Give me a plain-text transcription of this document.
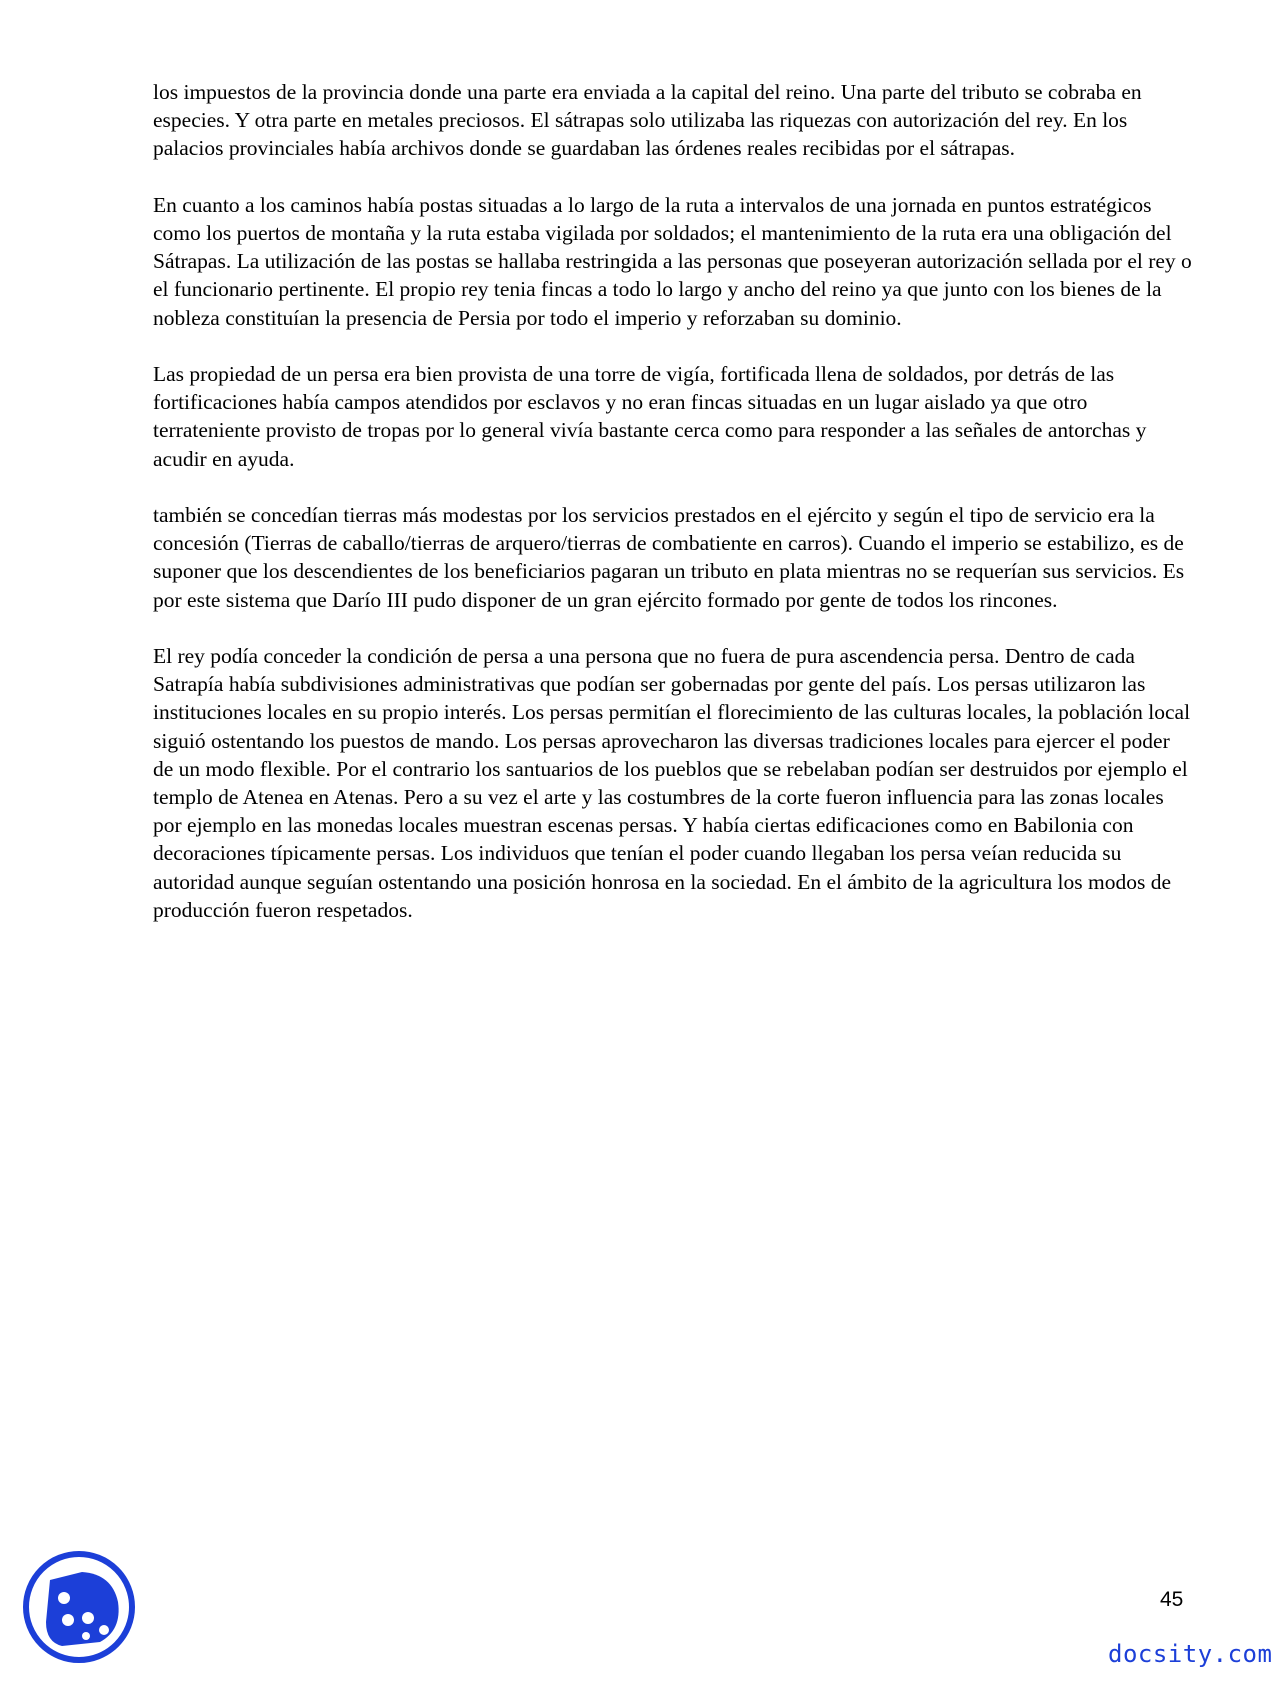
los impuestos de la provincia donde una parte era enviada a la capital del reino. Una parte del tributo se cobraba en especies. Y otra parte en metales preciosos. El sátrapas solo utilizaba las riquezas con autorización del rey. En los palacios provinciales había archivos donde se guardaban las órdenes reales recibidas por el sátrapas.

En cuanto a los caminos había postas situadas a lo largo de la ruta a intervalos de una jornada en puntos estratégicos como los puertos de montaña y la ruta estaba vigilada por soldados; el mantenimiento de la ruta era una obligación del Sátrapas. La utilización de las postas se hallaba restringida a las personas que poseyeran autorización sellada por el rey o el funcionario pertinente. El propio rey tenia fincas a todo lo largo y ancho del reino ya que junto con los bienes de la nobleza constituían la presencia de Persia por todo el imperio y reforzaban su dominio.

Las propiedad de un persa era bien provista de una torre de vigía, fortificada llena de soldados, por detrás de las fortificaciones había campos atendidos por esclavos y no eran fincas situadas en un lugar aislado ya que otro terrateniente provisto de tropas por lo general vivía bastante cerca como para responder a las señales de antorchas y acudir en ayuda.

también se concedían tierras más modestas por los servicios prestados en el ejército y según el tipo de servicio era la concesión (Tierras de caballo/tierras de arquero/tierras de combatiente en carros). Cuando el imperio se estabilizo, es de suponer que los descendientes de los beneficiarios pagaran un tributo en plata mientras no se requerían sus servicios. Es por este sistema que Darío III pudo disponer de un gran ejército formado por gente de todos los rincones.

El rey podía conceder la condición de persa a una persona que no fuera de pura ascendencia persa. Dentro de cada Satrapía había subdivisiones administrativas que podían ser gobernadas por gente del país. Los persas utilizaron las instituciones locales en su propio interés. Los persas permitían el florecimiento de las culturas locales, la población local siguió ostentando los puestos de mando. Los persas aprovecharon las diversas tradiciones locales para ejercer el poder de un modo flexible. Por el contrario los santuarios de los pueblos que se rebelaban podían ser destruidos por ejemplo el templo de Atenea en Atenas. Pero a su vez el arte y las costumbres de la corte fueron influencia para las zonas locales por ejemplo en las monedas locales muestran escenas persas. Y había ciertas edificaciones como en Babilonia con decoraciones típicamente persas. Los individuos que tenían el poder cuando llegaban los persa veían reducida su autoridad aunque seguían ostentando una posición honrosa en la sociedad. En el ámbito de la agricultura los modos de producción fueron respetados.

45
docsity.com
